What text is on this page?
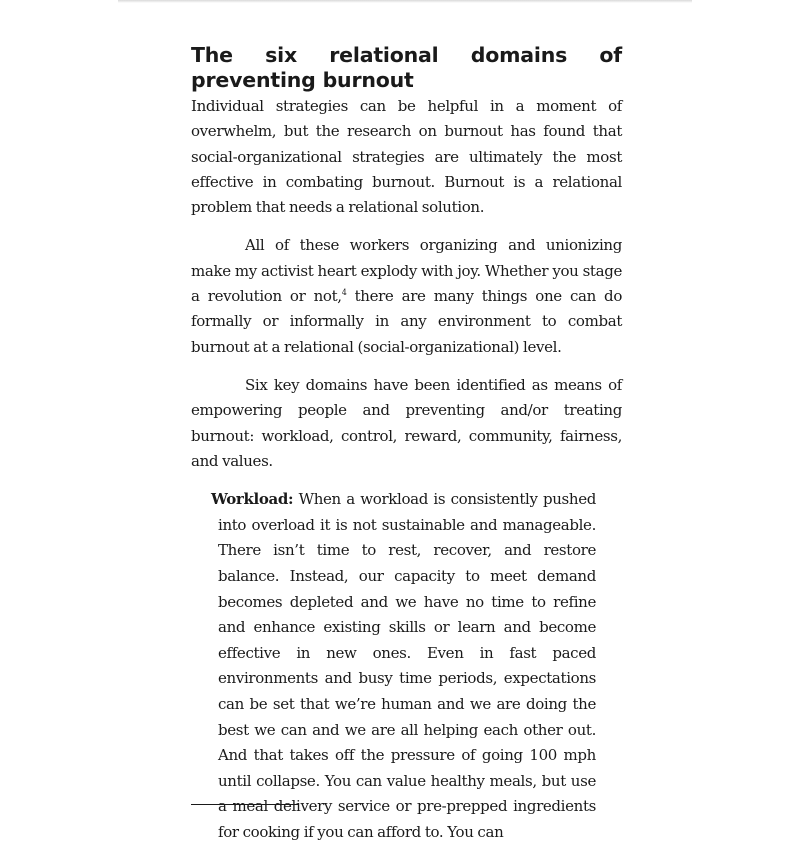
The six relational domains of preventing burnout

Individual strategies can be helpful in a moment of overwhelm, but the research on burnout has found that social-organizational strategies are ultimately the most effective in combating burnout. Burnout is a relational problem that needs a relational solution.

All of these workers organizing and unionizing make my activist heart explody with joy. Whether you stage a revolution or not,$^4$ there are many things one can do formally or informally in any environment to combat burnout at a relational (social-organizational) level.

Six key domains have been identified as means of empowering people and preventing and/or treating burnout: workload, control, reward, community, fairness, and values.

Workload: When a workload is consistently pushed into overload it is not sustainable and manageable. There isn’t time to rest, recover, and restore balance. Instead, our capacity to meet demand becomes depleted and we have no time to refine and enhance existing skills or learn and become effective in new ones. Even in fast paced environments and busy time periods, expectations can be set that we’re human and we are doing the best we can and we are all helping each other out. And that takes off the pressure of going 100 mph until collapse. You can value healthy meals, but use a meal delivery service or pre-prepped ingredients for cooking if you can afford to. You can
